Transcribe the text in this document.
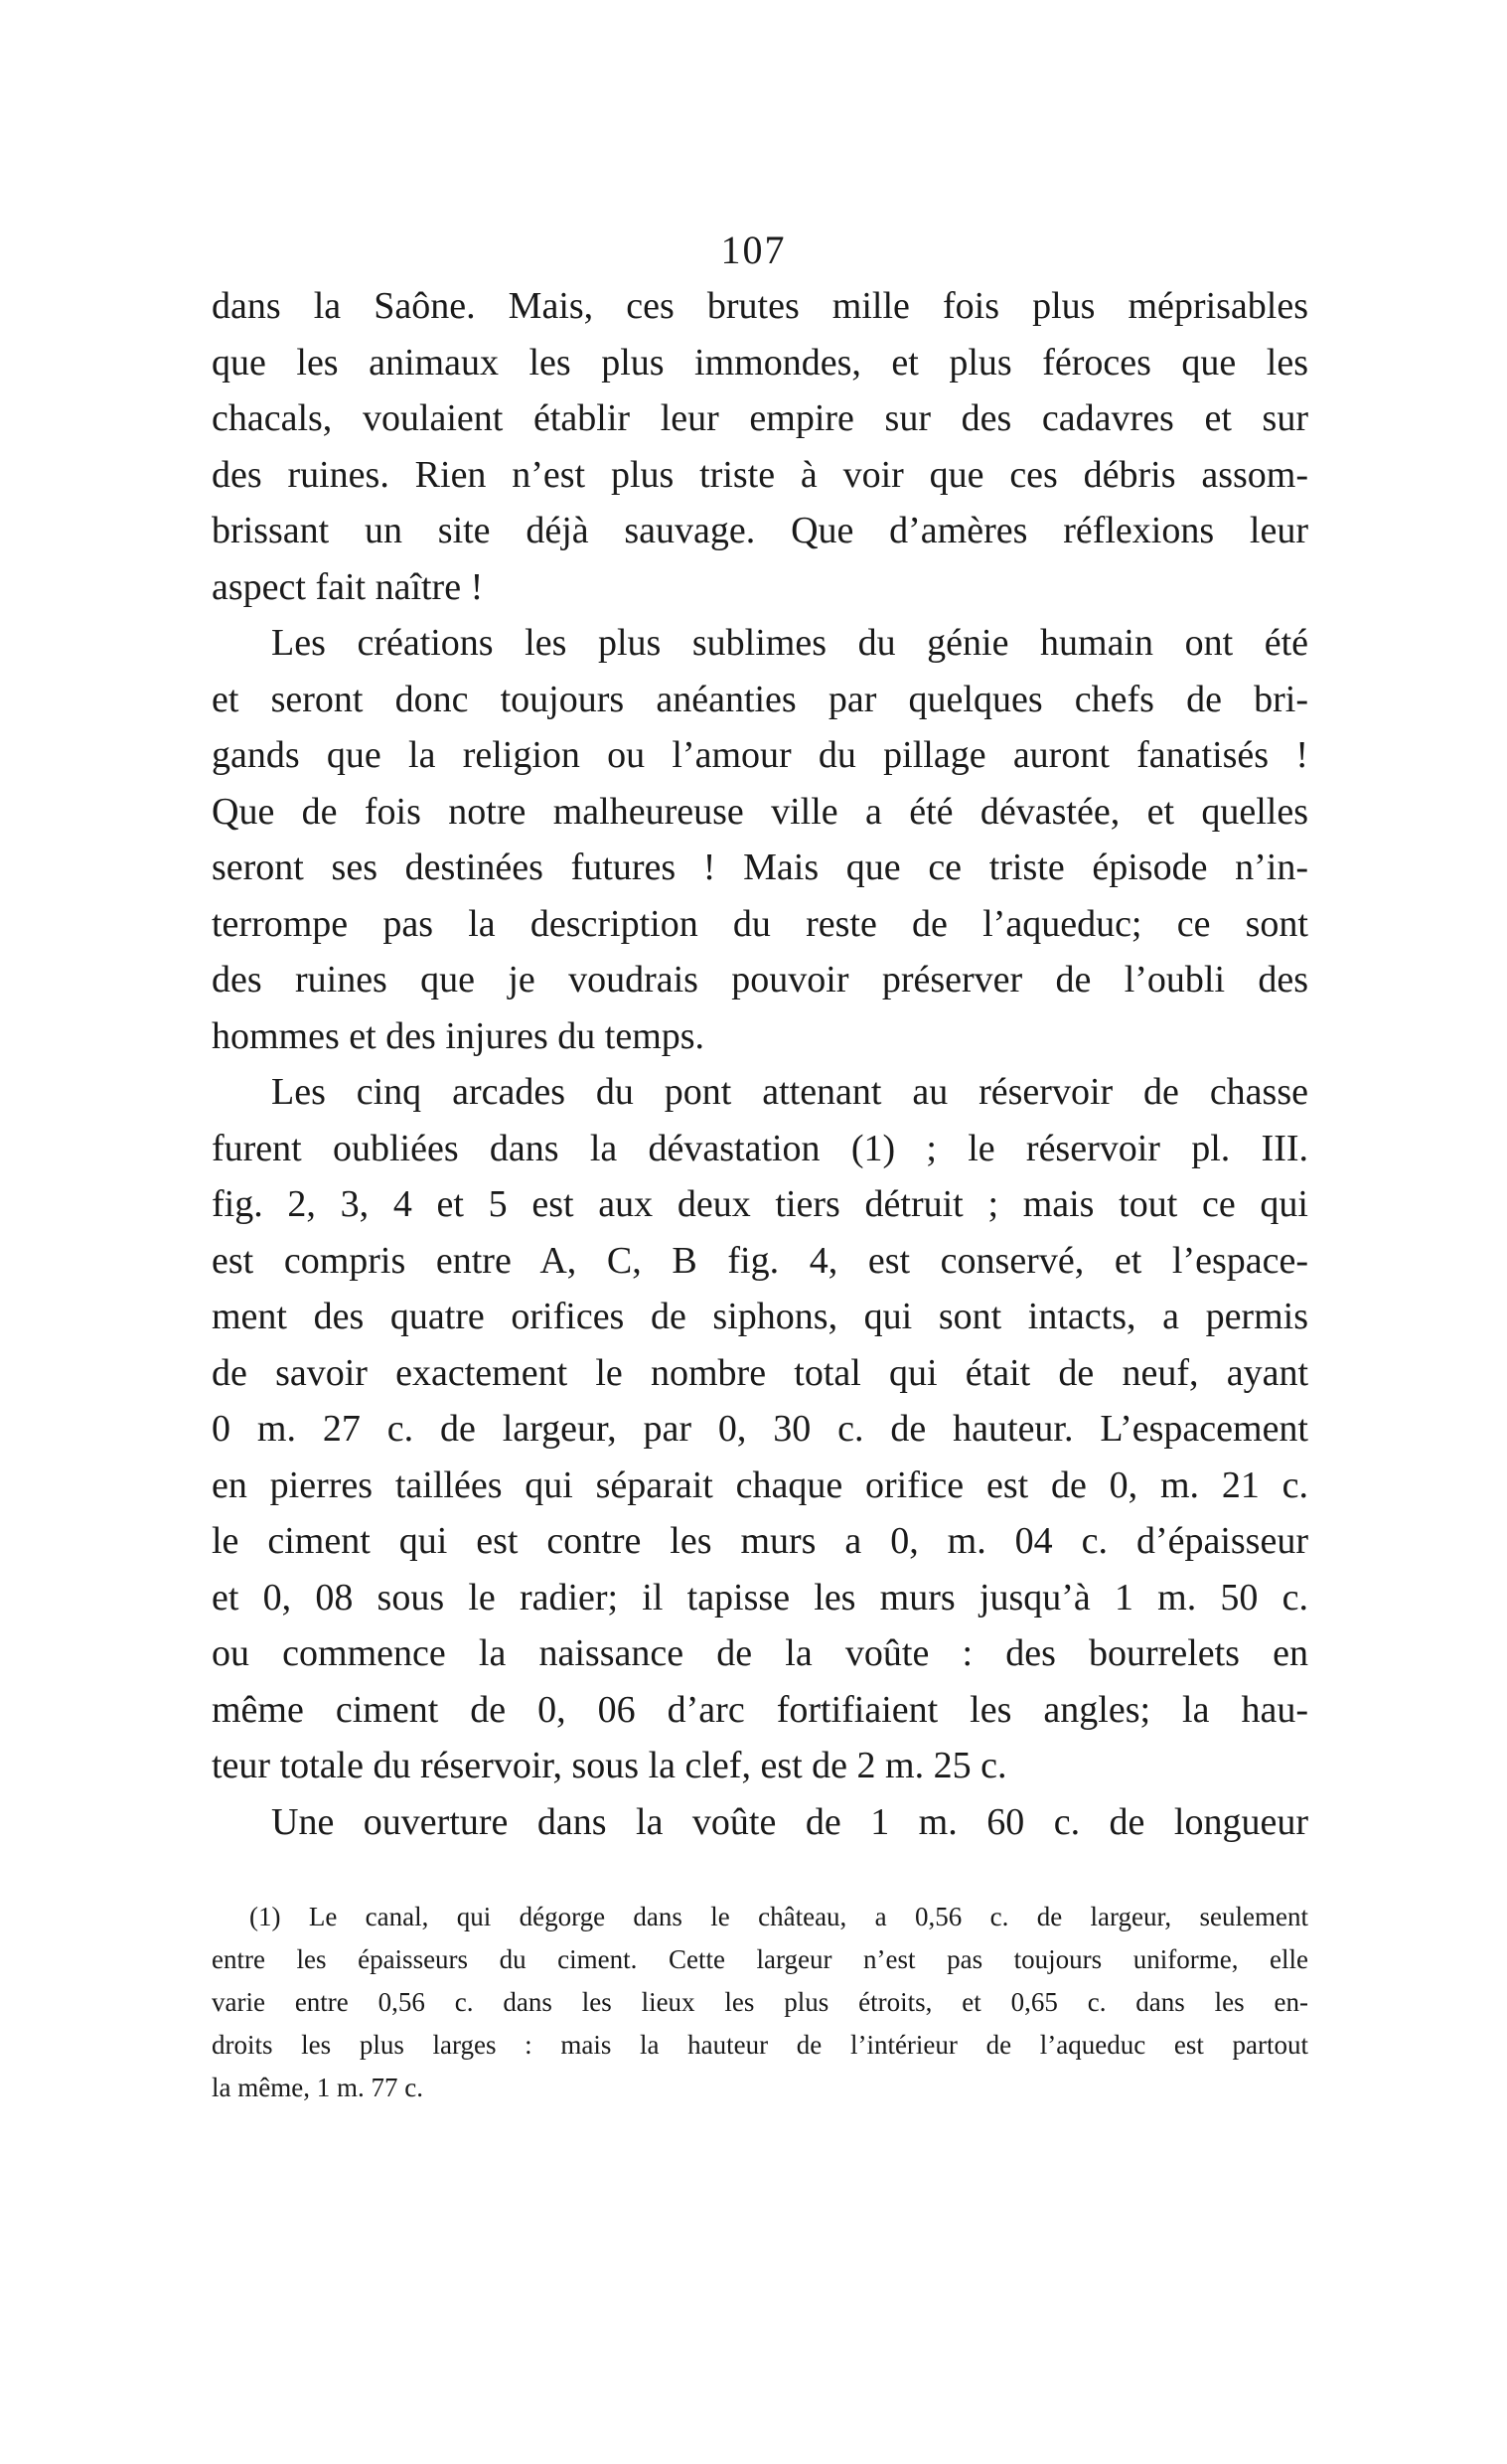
107
dans la Saône. Mais, ces brutes mille fois plus méprisables
que les animaux les plus immondes, et plus féroces que les
chacals, voulaient établir leur empire sur des cadavres et sur
des ruines. Rien n’est plus triste à voir que ces débris assom-
brissant un site déjà sauvage. Que d’amères réflexions leur
aspect fait naître !
Les créations les plus sublimes du génie humain ont été
et seront donc toujours anéanties par quelques chefs de bri-
gands que la religion ou l’amour du pillage auront fanatisés !
Que de fois notre malheureuse ville a été dévastée, et quelles
seront ses destinées futures ! Mais que ce triste épisode n’in-
terrompe pas la description du reste de l’aqueduc; ce sont
des ruines que je voudrais pouvoir préserver de l’oubli des
hommes et des injures du temps.
Les cinq arcades du pont attenant au réservoir de chasse
furent oubliées dans la dévastation (1) ; le réservoir pl. III.
fig. 2, 3, 4 et 5 est aux deux tiers détruit ; mais tout ce qui
est compris entre A, C, B fig. 4, est conservé, et l’espace-
ment des quatre orifices de siphons, qui sont intacts, a permis
de savoir exactement le nombre total qui était de neuf, ayant
0 m. 27 c. de largeur, par 0, 30 c. de hauteur. L’espacement
en pierres taillées qui séparait chaque orifice est de 0, m. 21 c.
le ciment qui est contre les murs a 0, m. 04 c. d’épaisseur
et 0, 08 sous le radier; il tapisse les murs jusqu’à 1 m. 50 c.
ou commence la naissance de la voûte : des bourrelets en
même ciment de 0, 06 d’arc fortifiaient les angles; la hau-
teur totale du réservoir, sous la clef, est de 2 m. 25 c.
Une ouverture dans la voûte de 1 m. 60 c. de longueur
(1) Le canal, qui dégorge dans le château, a 0,56 c. de largeur, seulement
entre les épaisseurs du ciment. Cette largeur n’est pas toujours uniforme, elle
varie entre 0,56 c. dans les lieux les plus étroits, et 0,65 c. dans les en-
droits les plus larges : mais la hauteur de l’intérieur de l’aqueduc est partout
la même, 1 m. 77 c.
